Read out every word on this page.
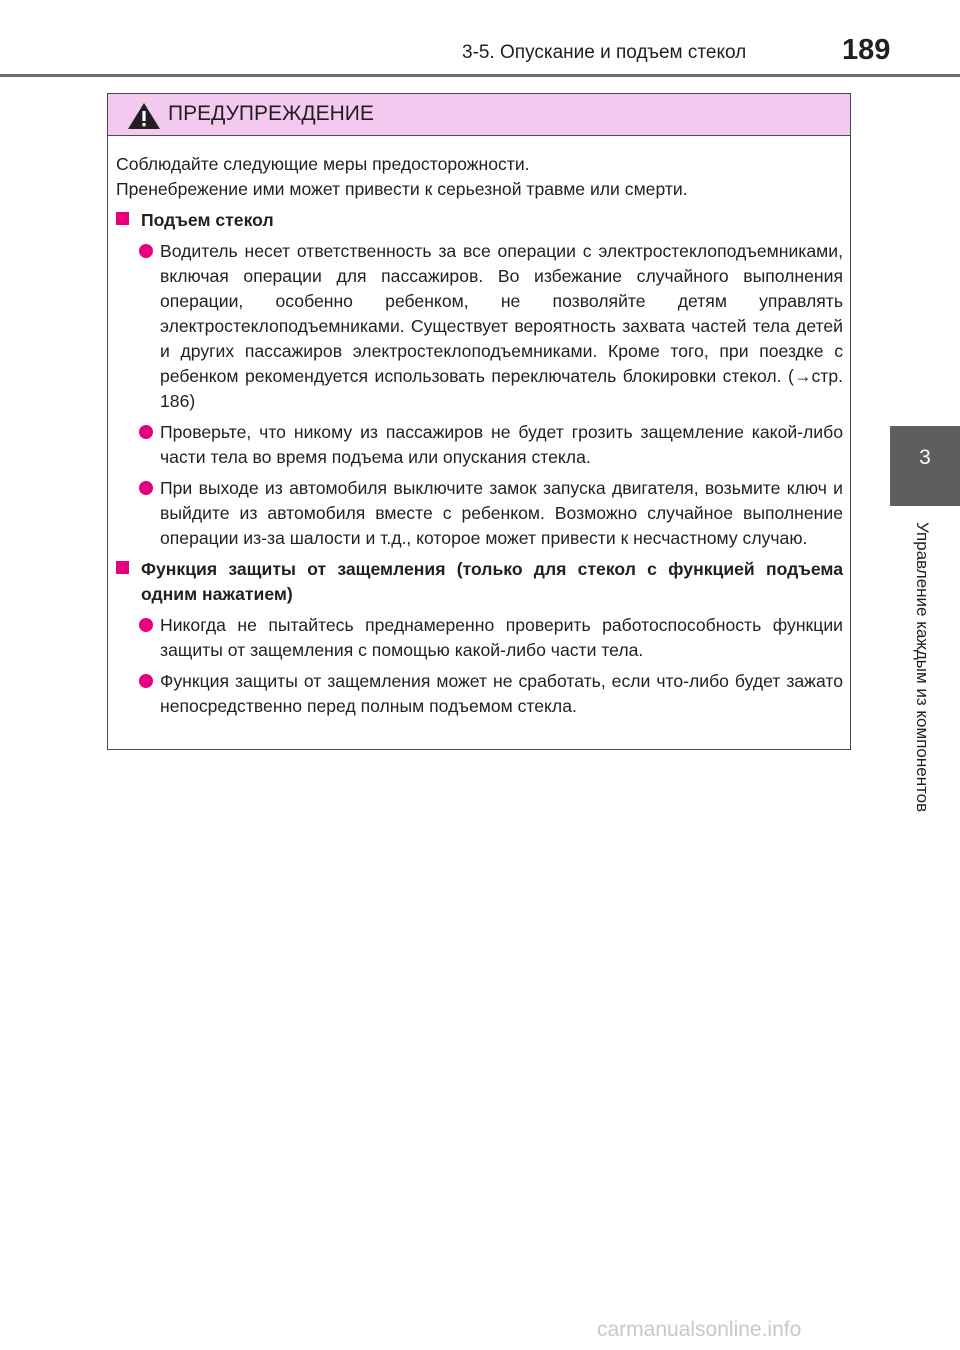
3-5. Опускание и подъем стекол	189
3
Управление каждым из компонентов
ПРЕДУПРЕЖДЕНИЕ
Соблюдайте следующие меры предосторожности.
Пренебрежение ими может привести к серьезной травме или смерти.
Подъем стекол
Водитель несет ответственность за все операции с электростеклоподъемниками, включая операции для пассажиров. Во избежание случайного выполнения операции, особенно ребенком, не позволяйте детям управлять электростеклоподъемниками. Существует вероятность захвата частей тела детей и других пассажиров электростеклоподъемниками. Кроме того, при поездке с ребенком рекомендуется использовать переключатель блокировки стекол. (→стр. 186)
Проверьте, что никому из пассажиров не будет грозить защемление какой-либо части тела во время подъема или опускания стекла.
При выходе из автомобиля выключите замок запуска двигателя, возьмите ключ и выйдите из автомобиля вместе с ребенком. Возможно случайное выполнение операции из-за шалости и т.д., которое может привести к несчастному случаю.
Функция защиты от защемления (только для стекол с функцией подъема одним нажатием)
Никогда не пытайтесь преднамеренно проверить работоспособность функции защиты от защемления с помощью какой-либо части тела.
Функция защиты от защемления может не сработать, если что-либо будет зажато непосредственно перед полным подъемом стекла.
carmanualsonline.info
